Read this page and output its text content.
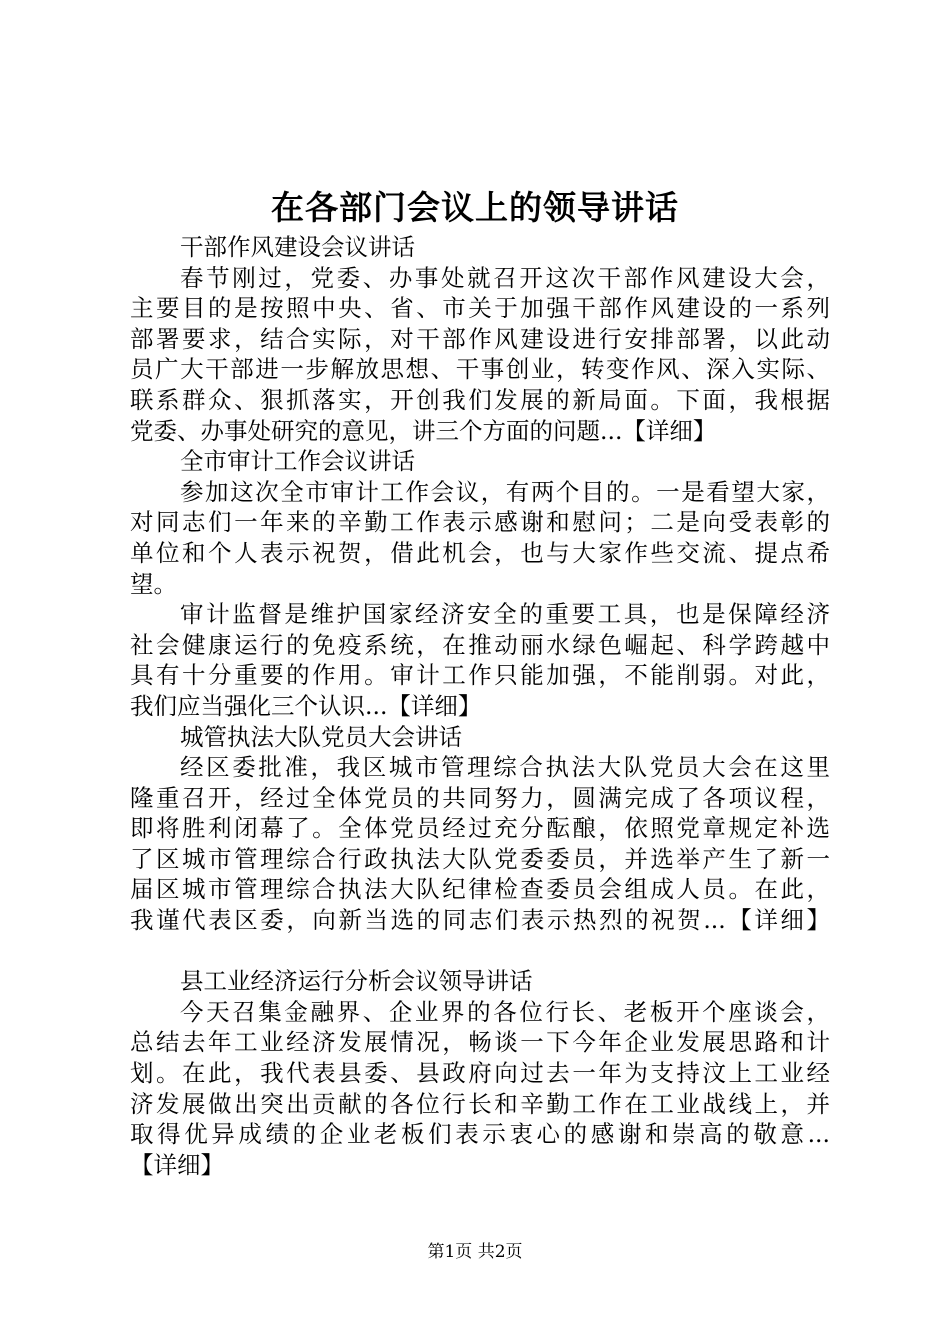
在各部门会议上的领导讲话
干部作风建设会议讲话
春节刚过，党委、办事处就召开这次干部作风建设大会，
主要目的是按照中央、省、市关于加强干部作风建设的一系列
部署要求，结合实际，对干部作风建设进行安排部署，以此动
员广大干部进一步解放思想、干事创业，转变作风、深入实际、
联系群众、狠抓落实，开创我们发展的新局面。下面，我根据
党委、办事处研究的意见，讲三个方面的问题...【详细】
全市审计工作会议讲话
参加这次全市审计工作会议，有两个目的。一是看望大家，
对同志们一年来的辛勤工作表示感谢和慰问；二是向受表彰的
单位和个人表示祝贺，借此机会，也与大家作些交流、提点希
望。
审计监督是维护国家经济安全的重要工具，也是保障经济
社会健康运行的免疫系统，在推动丽水绿色崛起、科学跨越中
具有十分重要的作用。审计工作只能加强，不能削弱。对此，
我们应当强化三个认识...【详细】
城管执法大队党员大会讲话
经区委批准，我区城市管理综合执法大队党员大会在这里
隆重召开，经过全体党员的共同努力，圆满完成了各项议程，
即将胜利闭幕了。全体党员经过充分酝酿，依照党章规定补选
了区城市管理综合行政执法大队党委委员，并选举产生了新一
届区城市管理综合执法大队纪律检查委员会组成人员。在此，
我谨代表区委，向新当选的同志们表示热烈的祝贺...【详细】
县工业经济运行分析会议领导讲话
今天召集金融界、企业界的各位行长、老板开个座谈会，
总结去年工业经济发展情况，畅谈一下今年企业发展思路和计
划。在此，我代表县委、县政府向过去一年为支持汶上工业经
济发展做出突出贡献的各位行长和辛勤工作在工业战线上，并
取得优异成绩的企业老板们表示衷心的感谢和崇高的敬意...
【详细】
第1页 共2页
